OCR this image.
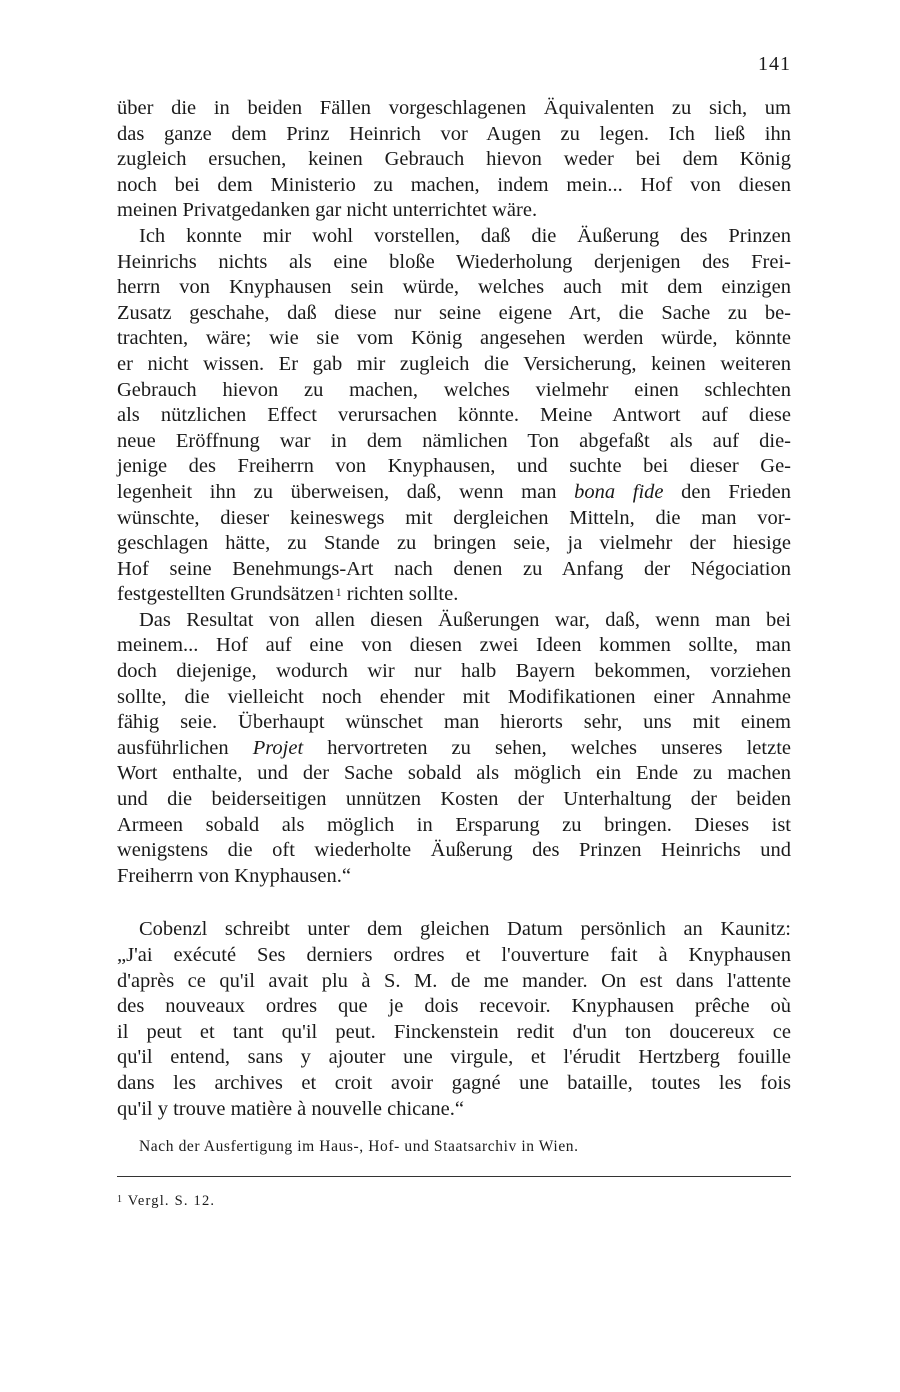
141

über die in beiden Fällen vorgeschlagenen Äquivalenten zu sich, um

das ganze dem Prinz Heinrich vor Augen zu legen. Ich ließ ihn

zugleich ersuchen, keinen Gebrauch hievon weder bei dem König

noch bei dem Ministerio zu machen, indem mein... Hof von diesen

meinen Privatgedanken gar nicht unterrichtet wäre.

Ich konnte mir wohl vorstellen, daß die Äußerung des Prinzen

Heinrichs nichts als eine bloße Wiederholung derjenigen des Frei-

herrn von Knyphausen sein würde, welches auch mit dem einzigen

Zusatz geschahe, daß diese nur seine eigene Art, die Sache zu be-

trachten, wäre; wie sie vom König angesehen werden würde, könnte

er nicht wissen. Er gab mir zugleich die Versicherung, keinen weiteren

Gebrauch hievon zu machen, welches vielmehr einen schlechten

als nützlichen Effect verursachen könnte. Meine Antwort auf diese

neue Eröffnung war in dem nämlichen Ton abgefaßt als auf die-

jenige des Freiherrn von Knyphausen, und suchte bei dieser Ge-

legenheit ihn zu überweisen, daß, wenn man bona fide den Frieden

wünschte, dieser keineswegs mit dergleichen Mitteln, die man vor-

geschlagen hätte, zu Stande zu bringen seie, ja vielmehr der hiesige

Hof seine Benehmungs-Art nach denen zu Anfang der Négociation

festgestellten Grundsätzen  $^1$ richten sollte.

Das Resultat von allen diesen Äußerungen war, daß, wenn man bei

meinem... Hof auf eine von diesen zwei Ideen kommen sollte, man

doch diejenige, wodurch wir nur halb Bayern bekommen, vorziehen

sollte, die vielleicht noch ehender mit Modifikationen einer Annahme

fähig seie. Überhaupt wünschet man hierorts sehr, uns mit einem

ausführlichen Projet hervortreten zu sehen, welches unseres letzte

Wort enthalte, und der Sache sobald als möglich ein Ende zu machen

und die beiderseitigen unnützen Kosten der Unterhaltung der beiden

Armeen sobald als möglich in Ersparung zu bringen. Dieses ist

wenigstens die oft wiederholte Äußerung des Prinzen Heinrichs und

Freiherrn von Knyphausen.“

Cobenzl schreibt unter dem gleichen Datum persönlich an Kaunitz:

„J'ai exécuté Ses derniers ordres et l'ouverture fait à Knyphausen

d'après ce qu'il avait plu à S. M. de me mander. On est dans l'attente

des nouveaux ordres que je dois recevoir. Knyphausen prêche où

il peut et tant qu'il peut. Finckenstein redit d'un ton doucereux ce

qu'il entend, sans y ajouter une virgule, et l'érudit Hertzberg fouille

dans les archives et croit avoir gagné une bataille, toutes les fois

qu'il y trouve matière à nouvelle chicane.“

Nach der Ausfertigung im Haus-, Hof- und Staatsarchiv in Wien.
$^1$ Vergl. S. 12.
